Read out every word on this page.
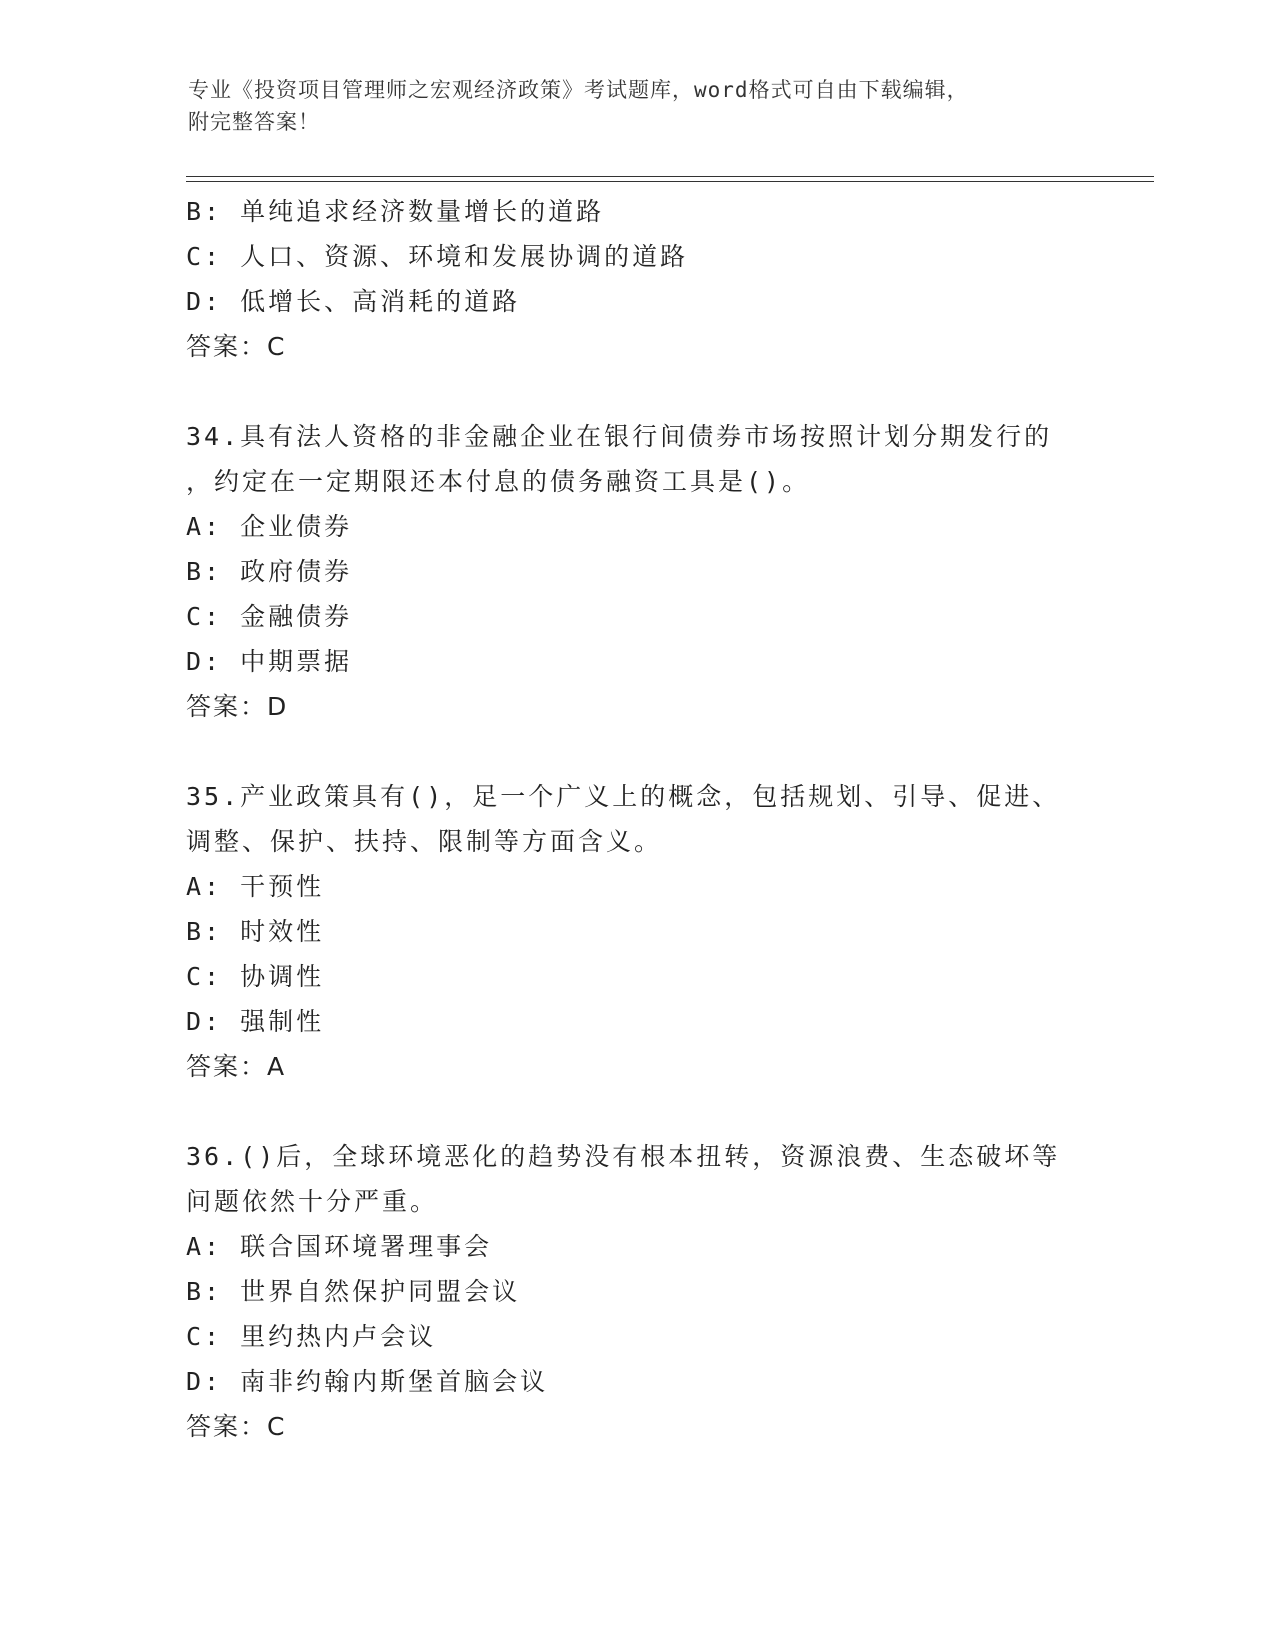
专业《投资项目管理师之宏观经济政策》考试题库，word格式可自由下载编辑，
附完整答案！
B: 单纯追求经济数量增长的道路
C: 人口、资源、环境和发展协调的道路
D: 低增长、高消耗的道路
答案：C
34.具有法人资格的非金融企业在银行间债券市场按照计划分期发行的
，约定在一定期限还本付息的债务融资工具是()。
A: 企业债券
B: 政府债券
C: 金融债券
D: 中期票据
答案：D
35.产业政策具有()，足一个广义上的概念，包括规划、引导、促进、
调整、保护、扶持、限制等方面含义。
A: 干预性
B: 时效性
C: 协调性
D: 强制性
答案：A
36.()后，全球环境恶化的趋势没有根本扭转，资源浪费、生态破坏等
问题依然十分严重。
A: 联合国环境署理事会
B: 世界自然保护同盟会议
C: 里约热内卢会议
D: 南非约翰内斯堡首脑会议
答案：C
